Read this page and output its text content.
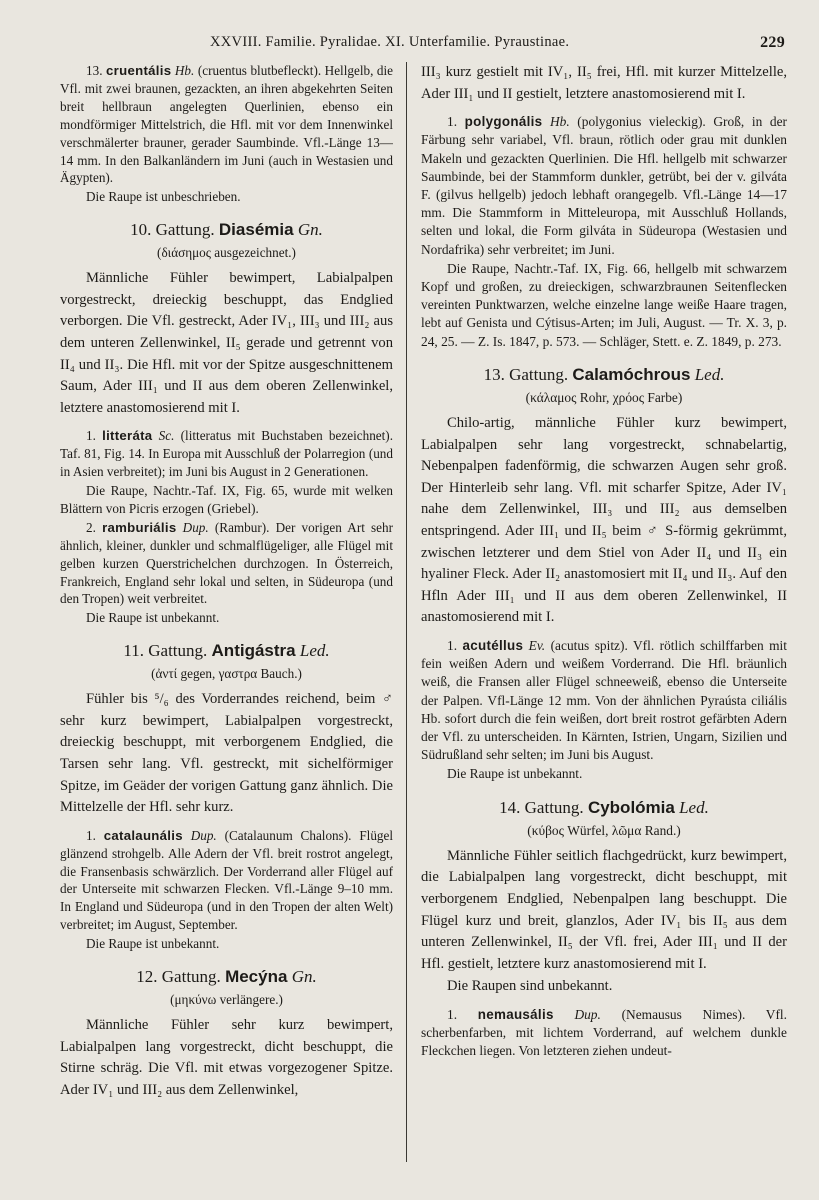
XXVIII. Familie. Pyralidae. XI. Unterfamilie. Pyraustinae.	229

13. cruentális Hb. (cruentus blutbefleckt). Hellgelb, die Vfl. mit zwei braunen, gezackten, an ihren abgekehrten Seiten breit hellbraun angelegten Querlinien, ebenso ein mondförmiger Mittelstrich, die Hfl. mit vor dem Innenwinkel verschmälerter brauner, gerader Saumbinde. Vfl.-Länge 13—14 mm. In den Balkanländern im Juni (auch in Westasien und Ägypten).

Die Raupe ist unbeschrieben.

10. Gattung. Diasémia Gn.

(διάσημος ausgezeichnet.)

Männliche Fühler bewimpert, Labialpalpen vorgestreckt, dreieckig beschuppt, das Endglied verborgen. Die Vfl. gestreckt, Ader IV₁, III₃ und III₂ aus dem unteren Zellenwinkel, II₅ gerade und getrennt von II₄ und II₃. Die Hfl. mit vor der Spitze ausgeschnittenem Saum, Ader III₁ und II aus dem oberen Zellenwinkel, letztere anastomosierend mit I.

1. litteráta Sc. (litteratus mit Buchstaben bezeichnet). Taf. 81, Fig. 14. In Europa mit Ausschluß der Polarregion (und in Asien verbreitet); im Juni bis August in 2 Generationen.

Die Raupe, Nachtr.-Taf. IX, Fig. 65, wurde mit welken Blättern von Picris erzogen (Griebel).

2. ramburiális Dup. (Rambur). Der vorigen Art sehr ähnlich, kleiner, dunkler und schmalflügeliger, alle Flügel mit gelben kurzen Querstrichelchen durchzogen. In Österreich, Frankreich, England sehr lokal und selten, in Südeuropa (und den Tropen) weit verbreitet.

Die Raupe ist unbekannt.

11. Gattung. Antigástra Led.

(ἀντί gegen, γαστρα Bauch.)

Fühler bis ⁵/₆ des Vorderrandes reichend, beim ♂ sehr kurz bewimpert, Labialpalpen vorgestreckt, dreieckig beschuppt, mit verborgenem Endglied, die Tarsen sehr lang. Vfl. gestreckt, mit sichelförmiger Spitze, im Geäder der vorigen Gattung ganz ähnlich. Die Mittelzelle der Hfl. sehr kurz.

1. catalaunális Dup. (Catalaunum Chalons). Flügel glänzend strohgelb. Alle Adern der Vfl. breit rostrot angelegt, die Fransenbasis schwärzlich. Der Vorderrand aller Flügel auf der Unterseite mit schwarzen Flecken. Vfl.-Länge 9–10 mm. In England und Südeuropa (und in den Tropen der alten Welt) verbreitet; im August, September.

Die Raupe ist unbekannt.

12. Gattung. Mecýna Gn.

(μηκύνω verlängere.)

Männliche Fühler sehr kurz bewimpert, Labialpalpen lang vorgestreckt, dicht beschuppt, die Stirne schräg. Die Vfl. mit etwas vorgezogener Spitze. Ader IV₁ und III₂ aus dem Zellenwinkel,

III₃ kurz gestielt mit IV₁, II₅ frei, Hfl. mit kurzer Mittelzelle, Ader III₁ und II gestielt, letztere anastomosierend mit I.

1. polygonális Hb. (polygonius vieleckig). Groß, in der Färbung sehr variabel, Vfl. braun, rötlich oder grau mit dunklen Makeln und gezackten Querlinien. Die Hfl. hellgelb mit schwarzer Saumbinde, bei der Stammform dunkler, getrübt, bei der v. gilváta F. (gilvus hellgelb) jedoch lebhaft orangegelb. Vfl.-Länge 14—17 mm. Die Stammform in Mitteleuropa, mit Ausschluß Hollands, selten und lokal, die Form gilváta in Südeuropa (Westasien und Nordafrika) sehr verbreitet; im Juni.

Die Raupe, Nachtr.-Taf. IX, Fig. 66, hellgelb mit schwarzem Kopf und großen, zu dreieckigen, schwarzbraunen Seitenflecken vereinten Punktwarzen, welche einzelne lange weiße Haare tragen, lebt auf Genista und Cýtisus-Arten; im Juli, August. — Tr. X. 3, p. 24, 25. — Z. Is. 1847, p. 573. — Schläger, Stett. e. Z. 1849, p. 273.

13. Gattung. Calamóchrous Led.

(κάλαμος Rohr, χρόος Farbe)

Chilo-artig, männliche Fühler kurz bewimpert, Labialpalpen sehr lang vorgestreckt, schnabelartig, Nebenpalpen fadenförmig, die schwarzen Augen sehr groß. Der Hinterleib sehr lang. Vfl. mit scharfer Spitze, Ader IV₁ nahe dem Zellenwinkel, III₃ und III₂ aus demselben entspringend. Ader III₁ und II₅ beim ♂ S-förmig gekrümmt, zwischen letzterer und dem Stiel von Ader II₄ und II₃ ein hyaliner Fleck. Ader II₂ anastomosiert mit II₄ und II₃. Auf den Hfln Ader III₁ und II aus dem oberen Zellenwinkel, II anastomosierend mit I.

1. acutéllus Ev. (acutus spitz). Vfl. rötlich schilffarben mit fein weißen Adern und weißem Vorderrand. Die Hfl. bräunlich weiß, die Fransen aller Flügel schneeweiß, ebenso die Unterseite der Palpen. Vfl-Länge 12 mm. Von der ähnlichen Pyraústa ciliális Hb. sofort durch die fein weißen, dort breit rostrot gefärbten Adern der Vfl. zu unterscheiden. In Kärnten, Istrien, Ungarn, Sizilien und Südrußland sehr selten; im Juni bis August.

Die Raupe ist unbekannt.

14. Gattung. Cybolómia Led.

(κύβος Würfel, λῶμα Rand.)

Männliche Fühler seitlich flachgedrückt, kurz bewimpert, die Labialpalpen lang vorgestreckt, dicht beschuppt, mit verborgenem Endglied, Nebenpalpen lang beschuppt. Die Flügel kurz und breit, glanzlos, Ader IV₁ bis II₅ aus dem unteren Zellenwinkel, II₅ der Vfl. frei, Ader III₁ und II der Hfl. gestielt, letztere kurz anastomosierend mit I.

Die Raupen sind unbekannt.

1. nemausális Dup. (Nemausus Nimes). Vfl. scherbenfarben, mit lichtem Vorderrand, auf welchem dunkle Fleckchen liegen. Von letzteren ziehen undeut-
